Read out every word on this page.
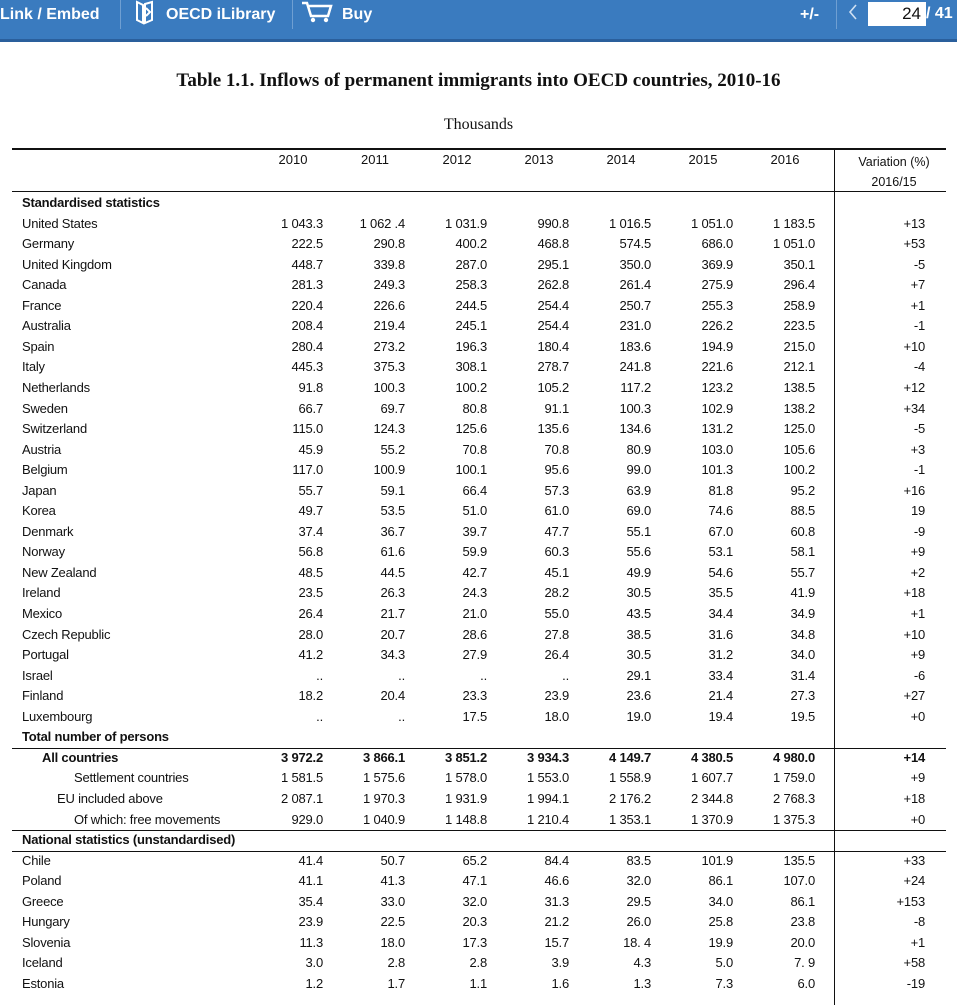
Link / Embed	OECD iLibrary	Buy	+/-	24 / 41
Table 1.1. Inflows of permanent immigrants into OECD countries, 2010-16
Thousands
2010	2011	2012	2013	2014	2015	2016	Variation (%)
2016/15
Standardised statistics
United States	1 043.3	1 062 .4	1 031.9	990.8	1 016.5	1 051.0	1 183.5	+13
Germany	222.5	290.8	400.2	468.8	574.5	686.0	1 051.0	+53
United Kingdom	448.7	339.8	287.0	295.1	350.0	369.9	350.1	-5
Canada	281.3	249.3	258.3	262.8	261.4	275.9	296.4	+7
France	220.4	226.6	244.5	254.4	250.7	255.3	258.9	+1
Australia	208.4	219.4	245.1	254.4	231.0	226.2	223.5	-1
Spain	280.4	273.2	196.3	180.4	183.6	194.9	215.0	+10
Italy	445.3	375.3	308.1	278.7	241.8	221.6	212.1	-4
Netherlands	91.8	100.3	100.2	105.2	117.2	123.2	138.5	+12
Sweden	66.7	69.7	80.8	91.1	100.3	102.9	138.2	+34
Switzerland	115.0	124.3	125.6	135.6	134.6	131.2	125.0	-5
Austria	45.9	55.2	70.8	70.8	80.9	103.0	105.6	+3
Belgium	117.0	100.9	100.1	95.6	99.0	101.3	100.2	-1
Japan	55.7	59.1	66.4	57.3	63.9	81.8	95.2	+16
Korea	49.7	53.5	51.0	61.0	69.0	74.6	88.5	19
Denmark	37.4	36.7	39.7	47.7	55.1	67.0	60.8	-9
Norway	56.8	61.6	59.9	60.3	55.6	53.1	58.1	+9
New Zealand	48.5	44.5	42.7	45.1	49.9	54.6	55.7	+2
Ireland	23.5	26.3	24.3	28.2	30.5	35.5	41.9	+18
Mexico	26.4	21.7	21.0	55.0	43.5	34.4	34.9	+1
Czech Republic	28.0	20.7	28.6	27.8	38.5	31.6	34.8	+10
Portugal	41.2	34.3	27.9	26.4	30.5	31.2	34.0	+9
Israel	..	..	..	..	29.1	33.4	31.4	-6
Finland	18.2	20.4	23.3	23.9	23.6	21.4	27.3	+27
Luxembourg	..	..	17.5	18.0	19.0	19.4	19.5	+0
Total number of persons
All countries	3 972.2	3 866.1	3 851.2	3 934.3	4 149.7	4 380.5	4 980.0	+14
Settlement countries	1 581.5	1 575.6	1 578.0	1 553.0	1 558.9	1 607.7	1 759.0	+9
EU included above	2 087.1	1 970.3	1 931.9	1 994.1	2 176.2	2 344.8	2 768.3	+18
Of which: free movements	929.0	1 040.9	1 148.8	1 210.4	1 353.1	1 370.9	1 375.3	+0
National statistics (unstandardised)
Chile	41.4	50.7	65.2	84.4	83.5	101.9	135.5	+33
Poland	41.1	41.3	47.1	46.6	32.0	86.1	107.0	+24
Greece	35.4	33.0	32.0	31.3	29.5	34.0	86.1	+153
Hungary	23.9	22.5	20.3	21.2	26.0	25.8	23.8	-8
Slovenia	11.3	18.0	17.3	15.7	18. 4	19.9	20.0	+1
Iceland	3.0	2.8	2.8	3.9	4.3	5.0	7. 9	+58
Estonia	1.2	1.7	1.1	1.6	1.3	7.3	6.0	-19
